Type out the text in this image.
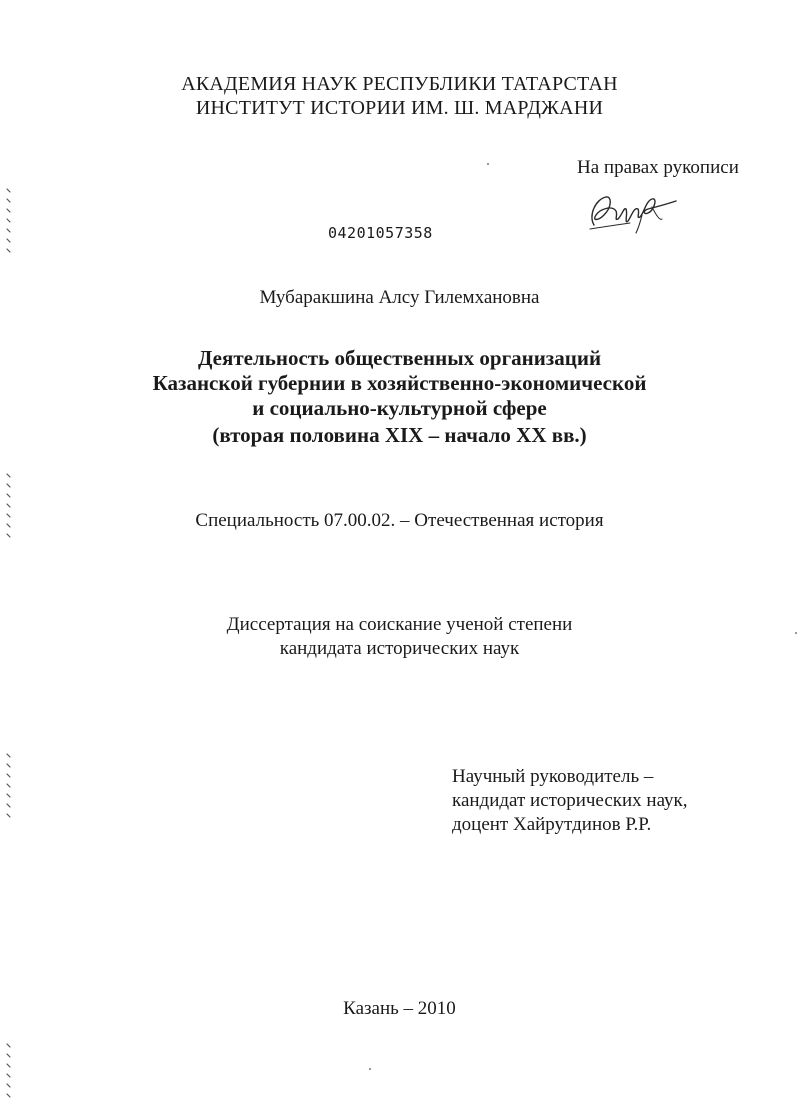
АКАДЕМИЯ НАУК РЕСПУБЛИКИ ТАТАРСТАН
ИНСТИТУТ ИСТОРИИ ИМ. Ш. МАРДЖАНИ
На правах рукописи
04201057358
Мубаракшина Алсу Гилемхановна
Деятельность общественных организаций
Казанской губернии в хозяйственно-экономической
и социально-культурной сфере
(вторая половина XIX – начало XX вв.)
Специальность 07.00.02. – Отечественная история
Диссертация на соискание ученой степени
кандидата исторических наук
Научный руководитель –
кандидат исторических наук,
доцент Хайрутдинов Р.Р.
Казань – 2010
